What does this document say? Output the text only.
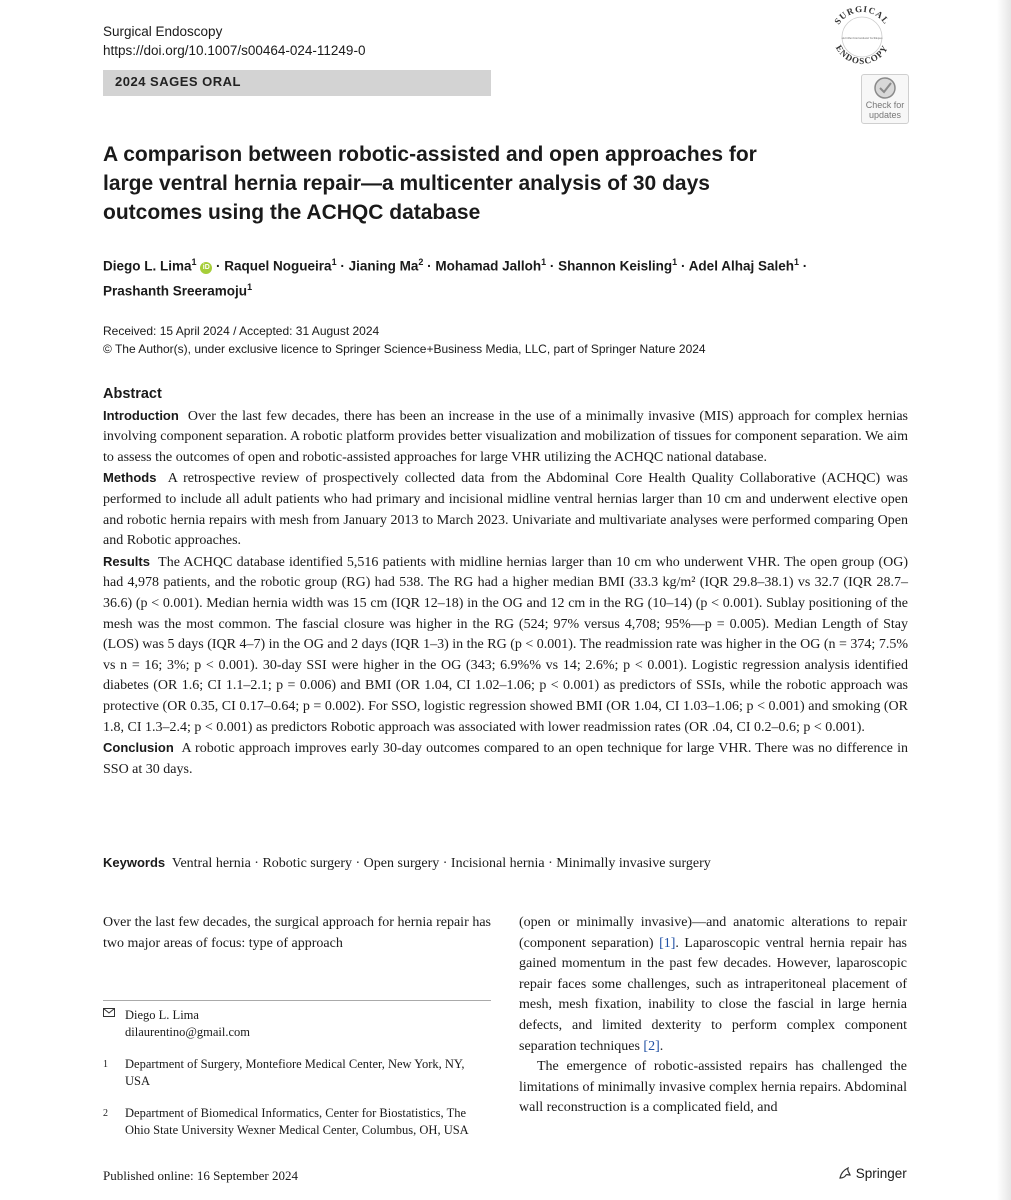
Surgical Endoscopy
https://doi.org/10.1007/s00464-024-11249-0
SURGICAL
ENDOSCOPY
and Other Interventional Techniques
2024 SAGES ORAL
Check for updates
A comparison between robotic-assisted and open approaches for large ventral hernia repair—a multicenter analysis of 30 days outcomes using the ACHQC database
Diego L. Lima$^1$ iD · Raquel Nogueira$^1$ · Jianing $Ma^2$ · Mohamad Jalloh$^1$ · Shannon Keisling$^1$ · Adel Alhaj Saleh$^1$ ·
Prashanth Sreeramoju$^1$
Received: 15 April 2024 / Accepted: 31 August 2024
© The Author(s), under exclusive licence to Springer Science+Business Media, LLC, part of Springer Nature 2024
Abstract

Introduction Over the last few decades, there has been an increase in the use of a minimally invasive (MIS) approach for complex hernias involving component separation. A robotic platform provides better visualization and mobilization of tissues for component separation. We aim to assess the outcomes of open and robotic-assisted approaches for large VHR utilizing the ACHQC national database.

Methods A retrospective review of prospectively collected data from the Abdominal Core Health Quality Collaborative (ACHQC) was performed to include all adult patients who had primary and incisional midline ventral hernias larger than 10 cm and underwent elective open and robotic hernia repairs with mesh from January 2013 to March 2023. Univariate and multivariate analyses were performed comparing Open and Robotic approaches.

Results The ACHQC database identified 5,516 patients with midline hernias larger than 10 cm who underwent VHR. The open group (OG) had 4,978 patients, and the robotic group (RG) had 538. The RG had a higher median BMI (33.3 kg/m² (IQR 29.8–38.1) vs 32.7 (IQR 28.7–36.6) (p < 0.001). Median hernia width was 15 cm (IQR 12–18) in the OG and 12 cm in the RG (10–14) (p < 0.001). Sublay positioning of the mesh was the most common. The fascial closure was higher in the RG (524; 97% versus 4,708; 95%—p = 0.005). Median Length of Stay (LOS) was 5 days (IQR 4–7) in the OG and 2 days (IQR 1–3) in the RG (p < 0.001). The readmission rate was higher in the OG (n = 374; 7.5% vs n = 16; 3%; p < 0.001). 30-day SSI were higher in the OG (343; 6.9%% vs 14; 2.6%; p < 0.001). Logistic regression analysis identified diabetes (OR 1.6; CI 1.1–2.1; p = 0.006) and BMI (OR 1.04, CI 1.02–1.06; p < 0.001) as predictors of SSIs, while the robotic approach was protective (OR 0.35, CI 0.17–0.64; p = 0.002). For SSO, logistic regression showed BMI (OR 1.04, CI 1.03–1.06; p < 0.001) and smoking (OR 1.8, CI 1.3–2.4; p < 0.001) as predictors Robotic approach was associated with lower readmission rates (OR .04, CI 0.2–0.6; p < 0.001).

Conclusion A robotic approach improves early 30-day outcomes compared to an open technique for large VHR. There was no difference in SSO at 30 days.

Keywords Ventral hernia · Robotic surgery · Open surgery · Incisional hernia · Minimally invasive surgery
Over the last few decades, the surgical approach for hernia repair has two major areas of focus: type of approach
Diego L. Lima
dilaurentino@gmail.com
1 Department of Surgery, Montefiore Medical Center, New York, NY, USA
2 Department of Biomedical Informatics, Center for Biostatistics, The Ohio State University Wexner Medical Center, Columbus, OH, USA

(open or minimally invasive)—and anatomic alterations to repair (component separation) [1]. Laparoscopic ventral hernia repair has gained momentum in the past few decades. However, laparoscopic repair faces some challenges, such as intraperitoneal placement of mesh, mesh fixation, inability to close the fascial in large hernia defects, and limited dexterity to perform complex component separation techniques [2].

The emergence of robotic-assisted repairs has challenged the limitations of minimally invasive complex hernia repairs. Abdominal wall reconstruction is a complicated field, and

Published online: 16 September 2024	Springer
